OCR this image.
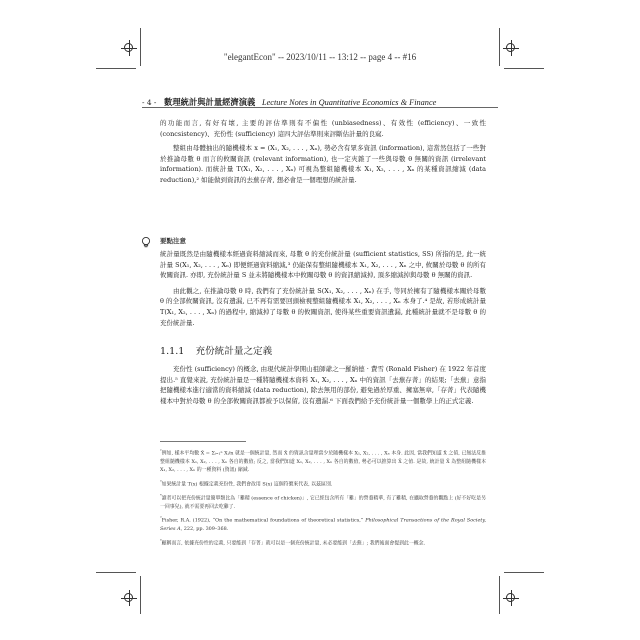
"elegantEcon" -- 2023/10/11 -- 13:12 -- page 4 -- #16
- 4 - 數理統計與計量經濟演義 Lecture Notes in Quantitative Economics & Finance

的功能而言, 有好有壞, 主要的評估準則有不偏性 (unbiasedness)、有效性 (efficiency)、一致性 (concsistency)、充份性 (sufficiency) 這四大評估準則來評斷估計量的良窳.

整組由母體抽出的隨機樣本 x = (X₁, X₂, . . . , Xₙ), 勢必含有眾多資訊 (information), 這當然包括了一些對於推論母數 θ 而言的攸關資訊 (relevant information), 也一定夾雜了一些與母數 θ 無關的資訊 (irrelevant information). 而統計量 T(X₁, X₂, . . . , Xₙ) 可視為整組隨機樣本 X₁, X₂, . . . , Xₙ 的某種資訊縮減 (data reduction),² 如能做到資訊的去蕪存菁, 想必會是一個理想的統計量.

要點注意

統計量既然是由隨機樣本經過資料縮減而來, 母數 θ 的充份統計量 (sufficient statistics, SS) 所指的是, 此一統計量 S(X₁, X₂, . . . , Xₙ) 即便經過資料縮減,³ 仍能保有整組隨機樣本 X₁, X₂, . . . , Xₙ 之中, 攸關於母數 θ 的所有攸關資訊. 亦即, 充份統計量 S 並未將隨機樣本中攸關母數 θ 的資訊縮減掉, 頂多縮減掉與母數 θ 無關的資訊.

由此觀之, 在推論母數 θ 時, 我們有了充份統計量 S(X₁, X₂, . . . , Xₙ) 在手, 等同於擁有了隨機樣本關於母數 θ 的全部攸關資訊, 沒有遺漏, 已不再有需要回頭檢視整組隨機樣本 X₁, X₂, . . . , Xₙ 本身了.⁴ 是故, 若形成統計量 T(X₁, X₂, . . . , Xₙ) 的過程中, 縮減掉了母數 θ 的攸關資訊, 使得某些重要資訊遺漏, 此種統計量就不是母數 θ 的充份統計量.

1.1.1 充份統計量之定義

充份性 (sufficiency) 的概念, 由現代統計學開山祖師爺之一羅納德 · 費雪 (Ronald Fisher) 在 1922 年首度提出.⁵ 直覺來說, 充份統計量是一種將隨機樣本資料 X₁, X₂, . . . , Xₙ 中的資訊「去蕪存菁」的結果;「去蕪」意指把隨機樣本進行適當的資料縮減 (data reduction), 除去無用的部份, 避免過於厚重、擁塞無章,「存菁」代表隨機樣本中對於母數 θ 的全部攸關資訊都被予以保留, 沒有遺漏.⁶ 下面我們給予充份統計量一個數學上的正式定義.

$^{^2}$例如, 樣本平均數 X̄ = Σᵢ₌₁ⁿ Xᵢ/n 就是一個統計量, 然而 X̄ 的資訊含量理當少於隨機樣本 X₁, X₂, . . . , Xₙ 本身. 此因, 當我們知道 X̄ 之值, 已無法反推整組隨機樣本 X₁, X₂, . . . , Xₙ 各自的數值; 反之, 當我們知道 X₁, X₂, . . . , Xₙ 各自的數值, 勢必可以推算出 X̄ 之值. 是故, 統計量 X̄ 為整組隨機樣本 X₁, X₂, . . . , Xₙ 的一種資料 (資訊) 縮減.

$^{^3}$如果統計量 T(x) 根據定義充份性, 我們會改用 S(x) 這個符號來代表, 以茲區別.

$^{^4}$讀者可以把充份統計量簡單類比為「雞精 (essence of chicken)」, 它已經包含所有「雞」的營養精華, 有了雞精, 在攝取營養的觀點上 (好不好吃是另一回事兒), 就不需要再回去吃雞了.

$^{^5}$Fisher, R.A. (1922), “On the mathematical foundations of theoretical statistics,” Philosophical Transactions of the Royal Society, Series A, 222, pp. 309–368.

$^{^6}$顧稱而言, 依據充份性的定義, 只要能到「存菁」就可以是一個充份統計量, 未必要能到「去蕪」; 我們後面會提到此一概念.
